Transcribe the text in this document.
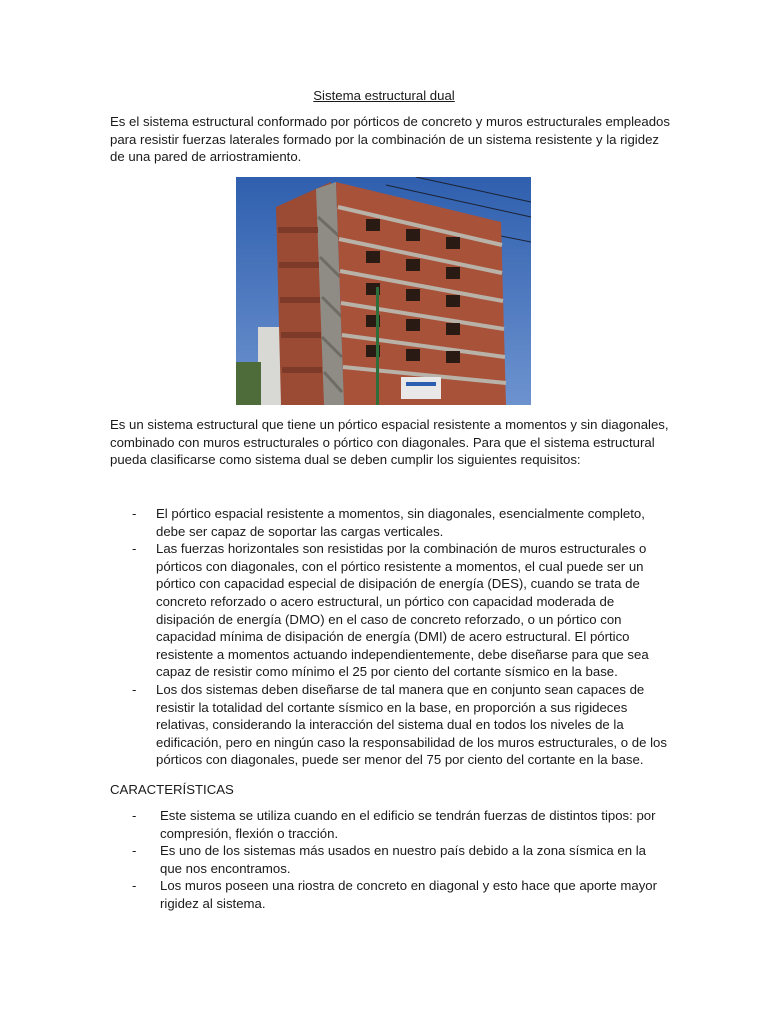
Sistema estructural dual

Es el sistema estructural conformado por pórticos de concreto y muros estructurales empleados para resistir fuerzas laterales formado por la combinación de un sistema resistente y la rigidez de una pared de arriostramiento.

Es un sistema estructural que tiene un pórtico espacial resistente a momentos y sin diagonales, combinado con muros estructurales o pórtico con diagonales. Para que el sistema estructural pueda clasificarse como sistema dual se deben cumplir los siguientes requisitos:

- El pórtico espacial resistente a momentos, sin diagonales, esencialmente completo, debe ser capaz de soportar las cargas verticales.
- Las fuerzas horizontales son resistidas por la combinación de muros estructurales o pórticos con diagonales, con el pórtico resistente a momentos, el cual puede ser un pórtico con capacidad especial de disipación de energía (DES), cuando se trata de concreto reforzado o acero estructural, un pórtico con capacidad moderada de disipación de energía (DMO) en el caso de concreto reforzado, o un pórtico con capacidad mínima de disipación de energía (DMI) de acero estructural. El pórtico resistente a momentos actuando independientemente, debe diseñarse para que sea capaz de resistir como mínimo el 25 por ciento del cortante sísmico en la base.
- Los dos sistemas deben diseñarse de tal manera que en conjunto sean capaces de resistir la totalidad del cortante sísmico en la base, en proporción a sus rigideces relativas, considerando la interacción del sistema dual en todos los niveles de la edificación, pero en ningún caso la responsabilidad de los muros estructurales, o de los pórticos con diagonales, puede ser menor del 75 por ciento del cortante en la base.
CARACTERÍSTICAS
- Este sistema se utiliza cuando en el edificio se tendrán fuerzas de distintos tipos: por compresión, flexión o tracción.
- Es uno de los sistemas más usados en nuestro país debido a la zona sísmica en la que nos encontramos.
- Los muros poseen una riostra de concreto en diagonal y esto hace que aporte mayor rigidez al sistema.
